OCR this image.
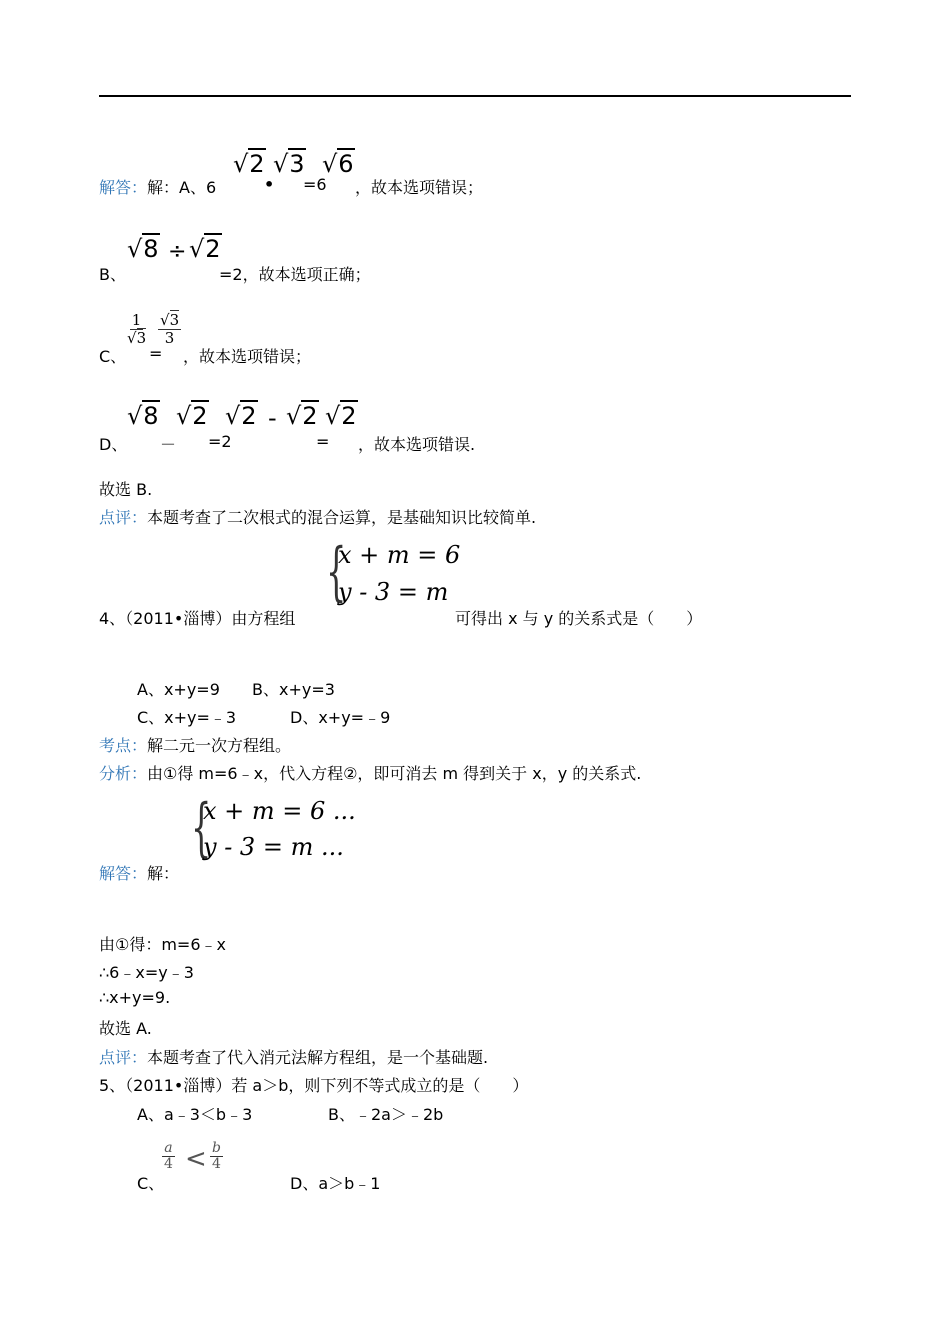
√2 √3 √6
解答： 解：A、6	• =6 ，故本选项错误；
√8 ÷ √2
B、	=2，故本选项正确；
C、
$\frac{1}{√3}$
=
$\frac{√3}{3}$
，故本选项错误；
√8 √2 √2 - √2 √2
D、 － =2	= ，故本选项错误.
故选 B.
点评： 本题考查了二次根式的混合运算，是基础知识比较简单.
{
x + m = 6
y - 3 = m
4、（2011•淄博）由方程组	可得出 x 与 y 的关系式是（　　）
A、x+y=9 B、x+y=3
C、x+y=﹣3	D、x+y=﹣9
考点： 解二元一次方程组。
分析： 由①得 m=6﹣x，代入方程②，即可消去 m 得到关于 x，y 的关系式.
{
x + m = 6 ...
y - 3 = m ...
解答： 解：
由①得：m=6﹣x
∴6﹣x=y﹣3
∴x+y=9.
故选 A.
点评： 本题考查了代入消元法解方程组，是一个基础题.
5、（2011•淄博）若 a＞b，则下列不等式成立的是（　　）
A、a﹣3＜b﹣3	B、﹣2a＞﹣2b
$\frac{a}{4} < \frac{b}{4}$
C、	D、a＞b﹣1
